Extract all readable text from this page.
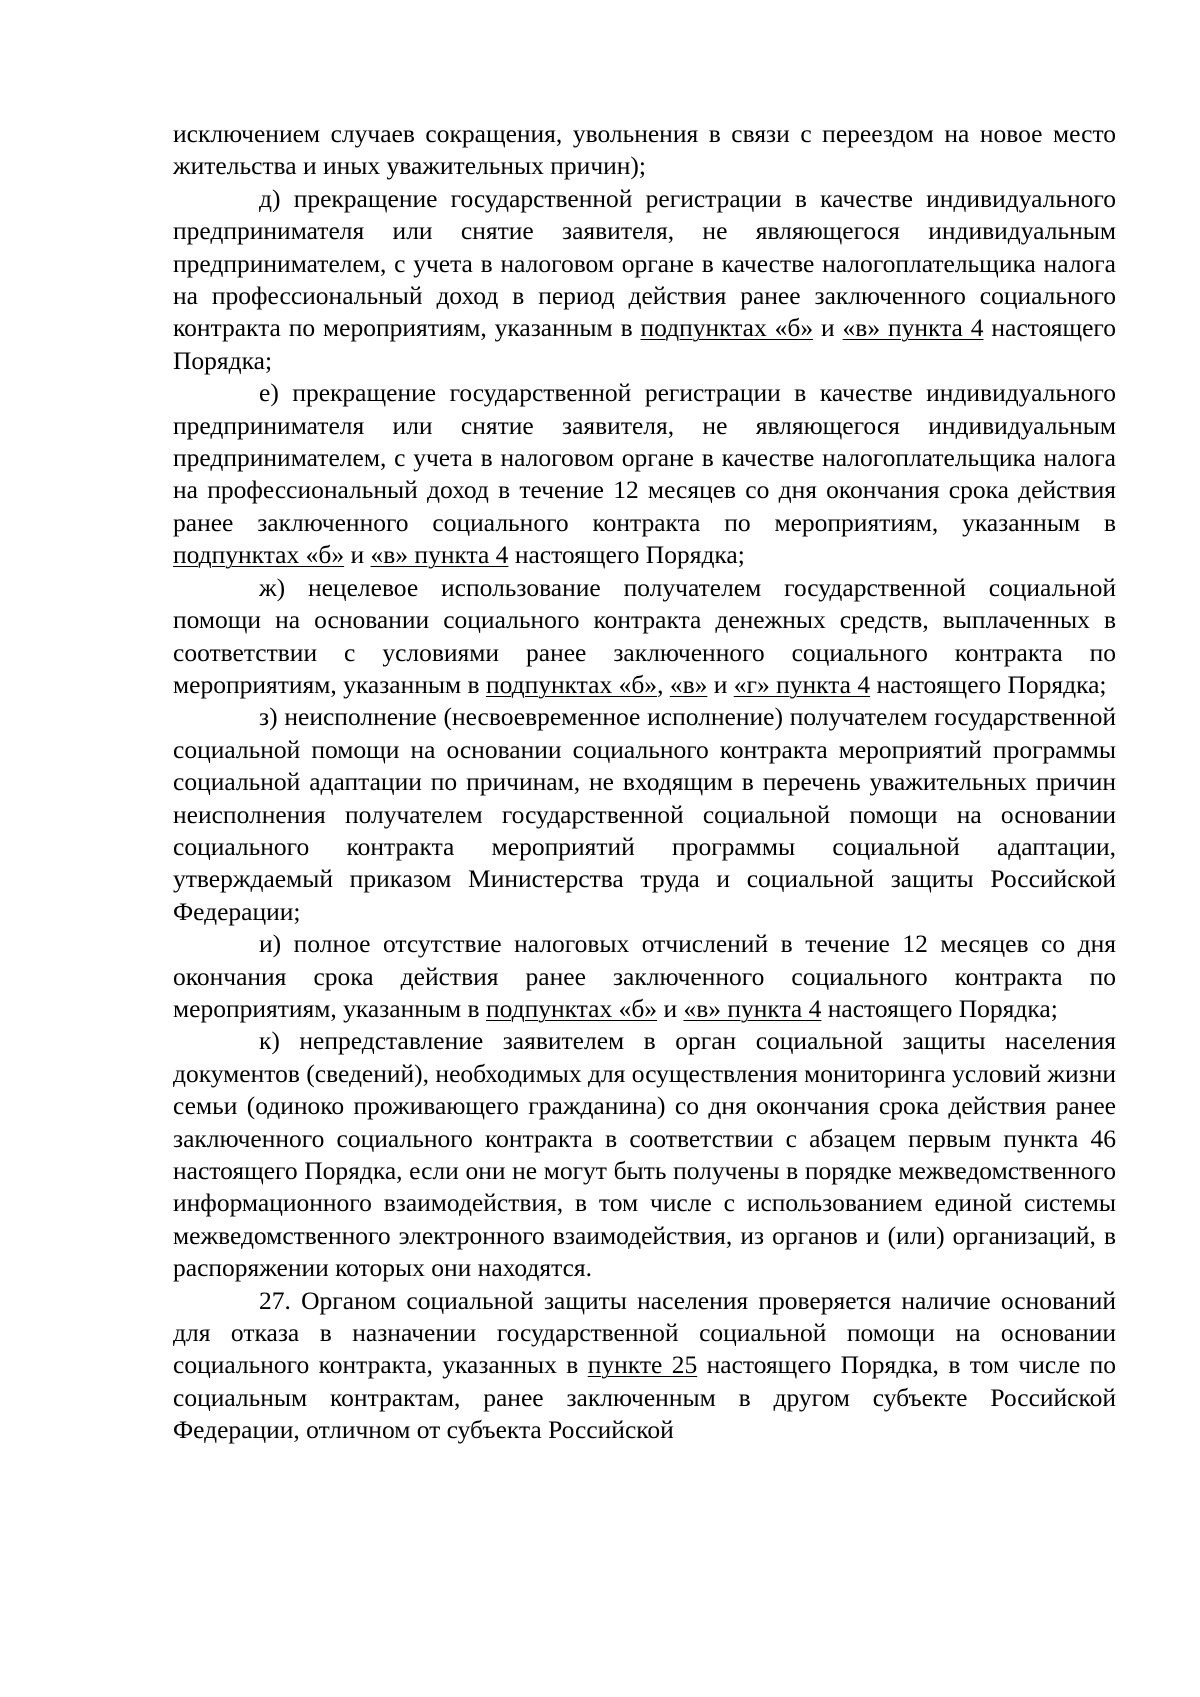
исключением случаев сокращения, увольнения в связи с переездом на новое место жительства и иных уважительных причин);

д) прекращение государственной регистрации в качестве индивидуального предпринимателя или снятие заявителя, не являющегося индивидуальным предпринимателем, с учета в налоговом органе в качестве налогоплательщика налога на профессиональный доход в период действия ранее заключенного социального контракта по мероприятиям, указанным в подпунктах «б» и «в» пункта 4 настоящего Порядка;

е) прекращение государственной регистрации в качестве индивидуального предпринимателя или снятие заявителя, не являющегося индивидуальным предпринимателем, с учета в налоговом органе в качестве налогоплательщика налога на профессиональный доход в течение 12 месяцев со дня окончания срока действия ранее заключенного социального контракта по мероприятиям, указанным в подпунктах «б» и «в» пункта 4 настоящего Порядка;

ж) нецелевое использование получателем государственной социальной помощи на основании социального контракта денежных средств, выплаченных в соответствии с условиями ранее заключенного социального контракта по мероприятиям, указанным в подпунктах «б», «в» и «г» пункта 4 настоящего Порядка;

з) неисполнение (несвоевременное исполнение) получателем государственной социальной помощи на основании социального контракта мероприятий программы социальной адаптации по причинам, не входящим в перечень уважительных причин неисполнения получателем государственной социальной помощи на основании социального контракта мероприятий программы социальной адаптации, утверждаемый приказом Министерства труда и социальной защиты Российской Федерации;

и) полное отсутствие налоговых отчислений в течение 12 месяцев со дня окончания срока действия ранее заключенного социального контракта по мероприятиям, указанным в подпунктах «б» и «в» пункта 4 настоящего Порядка;

к) непредставление заявителем в орган социальной защиты населения документов (сведений), необходимых для осуществления мониторинга условий жизни семьи (одиноко проживающего гражданина) со дня окончания срока действия ранее заключенного социального контракта в соответствии с абзацем первым пункта 46 настоящего Порядка, если они не могут быть получены в порядке межведомственного информационного взаимодействия, в том числе с использованием единой системы межведомственного электронного взаимодействия, из органов и (или) организаций, в распоряжении которых они находятся.

27. Органом социальной защиты населения проверяется наличие оснований для отказа в назначении государственной социальной помощи на основании социального контракта, указанных в пункте 25 настоящего Порядка, в том числе по социальным контрактам, ранее заключенным в другом субъекте Российской Федерации, отличном от субъекта Российской
